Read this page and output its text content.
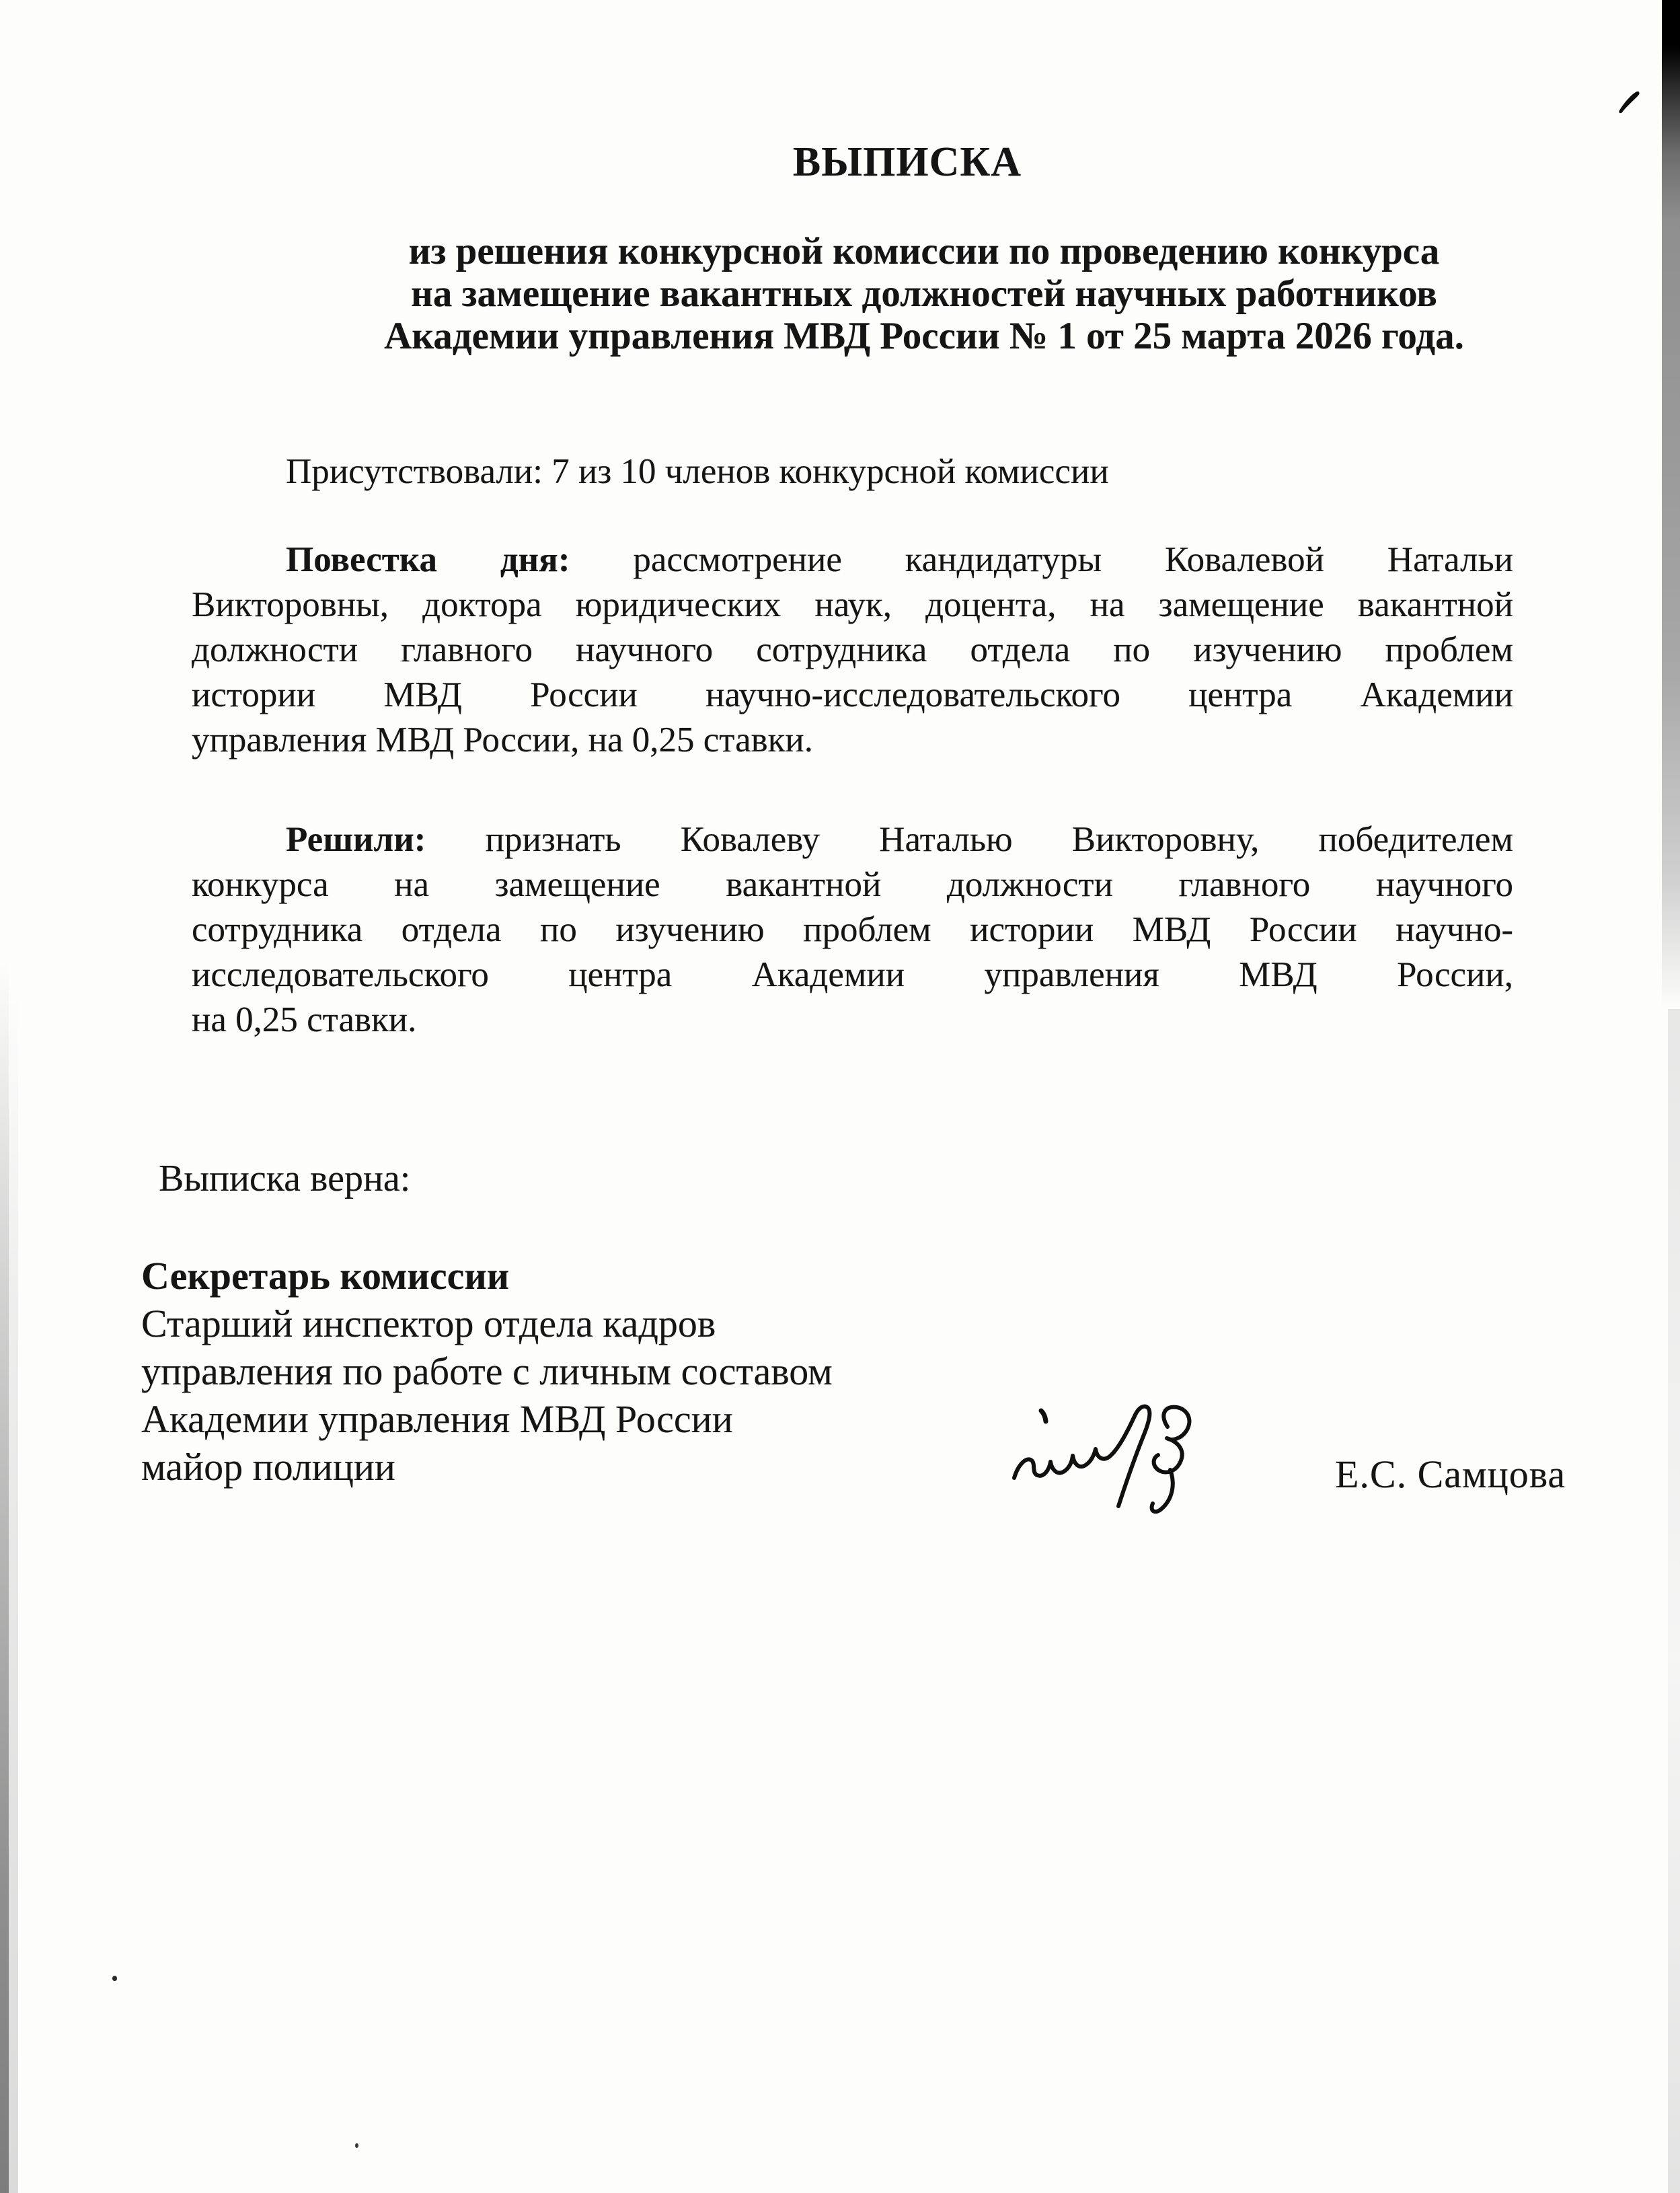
ВЫПИСКА
из решения конкурсной комиссии по проведению конкурса
на замещение вакантных должностей научных работников
Академии управления МВД России № 1 от 25 марта 2026 года.
Присутствовали: 7 из 10 членов конкурсной комиссии
Повестка дня: рассмотрение кандидатуры Ковалевой Натальи
Викторовны, доктора юридических наук, доцента, на замещение вакантной
должности главного научного сотрудника отдела по изучению проблем
истории МВД России научно-исследовательского центра Академии
управления МВД России, на 0,25 ставки.
Решили: признать Ковалеву Наталью Викторовну, победителем
конкурса на замещение вакантной должности главного научного
сотрудника отдела по изучению проблем истории МВД России научно-
исследовательского центра Академии управления МВД России,
на 0,25 ставки.
Выписка верна:
Секретарь комиссии
Старший инспектор отдела кадров
управления по работе с личным составом
Академии управления МВД России
майор полиции	Е.С. Самцова
